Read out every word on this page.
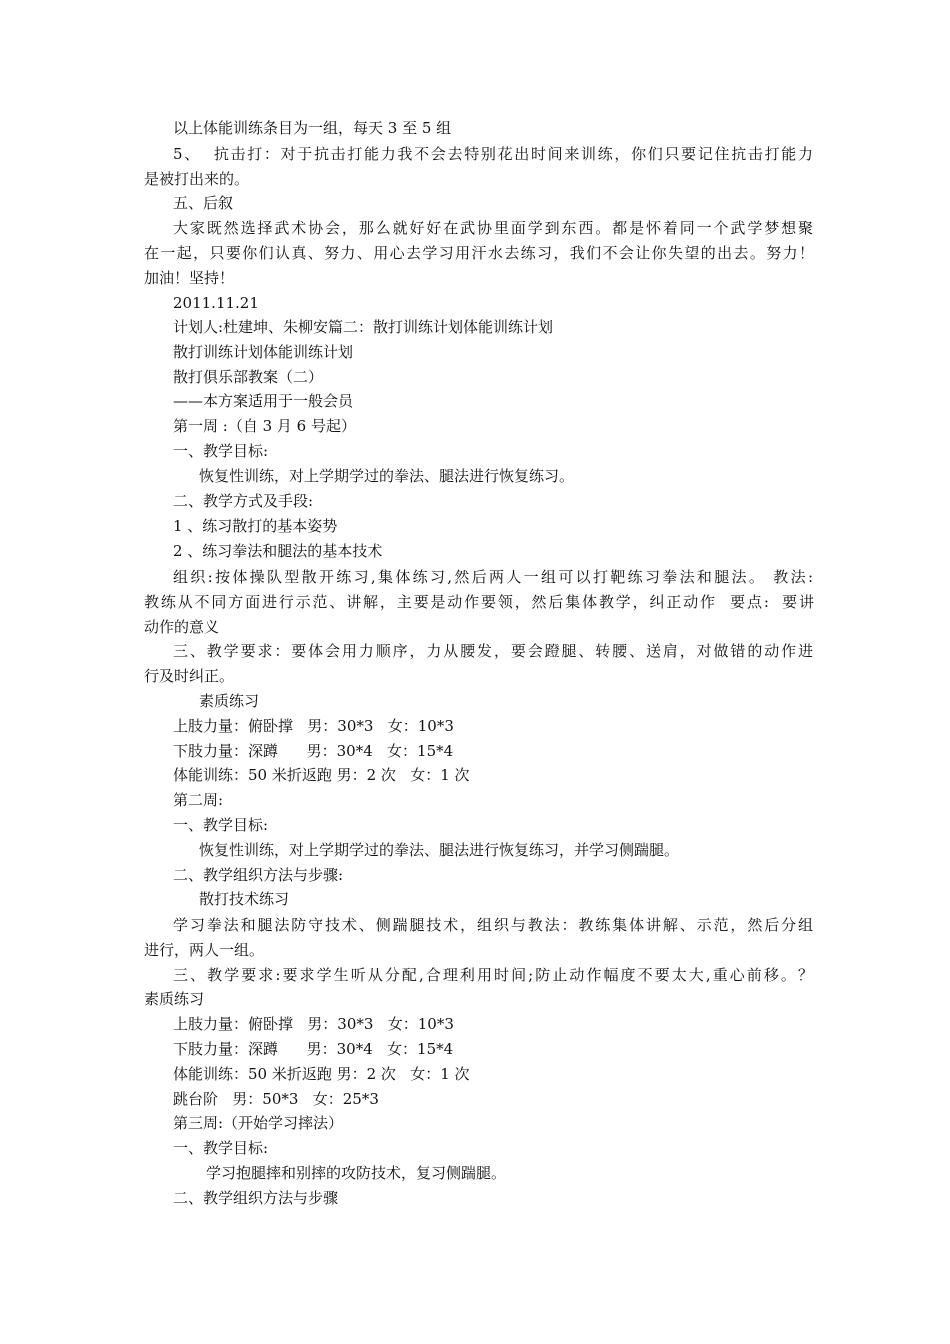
以上体能训练条目为一组，每天 3 至 5 组
5、  抗击打：对于抗击打能力我不会去特别花出时间来训练，你们只要记住抗击打能力
是被打出来的。
五、后叙
大家既然选择武术协会，那么就好好在武协里面学到东西。都是怀着同一个武学梦想聚
在一起，只要你们认真、努力、用心去学习用汗水去练习，我们不会让你失望的出去。努力！
加油！坚持！
2011.11.21
计划人:杜建坤、朱柳安篇二：散打训练计划体能训练计划
散打训练计划体能训练计划
散打俱乐部教案（二）
——本方案适用于一般会员
第一周 :（自 3 月 6 号起）
一、教学目标:
恢复性训练，对上学期学过的拳法、腿法进行恢复练习。
二、教学方式及手段:
1 、练习散打的基本姿势
2 、练习拳法和腿法的基本技术
组织:按体操队型散开练习,集体练习,然后两人一组可以打靶练习拳法和腿法。 教法:
教练从不同方面进行示范、讲解，主要是动作要领，然后集体教学，纠正动作  要点:  要讲
动作的意义
三、教学要求：要体会用力顺序，力从腰发，要会蹬腿、转腰、送肩，对做错的动作进
行及时纠正。
素质练习
上肢力量：俯卧撑   男：30*3   女：10*3
下肢力量：深蹲      男：30*4   女：15*4
体能训练：50 米折返跑 男：2 次   女：1 次
第二周:
一、教学目标:
恢复性训练，对上学期学过的拳法、腿法进行恢复练习，并学习侧踹腿。
二、教学组织方法与步骤:
散打技术练习
学习拳法和腿法防守技术、侧踹腿技术，组织与教法：教练集体讲解、示范，然后分组
进行，两人一组。
三、教学要求:要求学生听从分配,合理利用时间;防止动作幅度不要太大,重心前移。？
素质练习
上肢力量：俯卧撑   男：30*3   女：10*3
下肢力量：深蹲      男：30*4   女：15*4
体能训练：50 米折返跑 男：2 次   女：1 次
跳台阶   男：50*3   女：25*3
第三周:（开始学习摔法）
一、教学目标:
学习抱腿摔和别摔的攻防技术，复习侧踹腿。
二、教学组织方法与步骤
